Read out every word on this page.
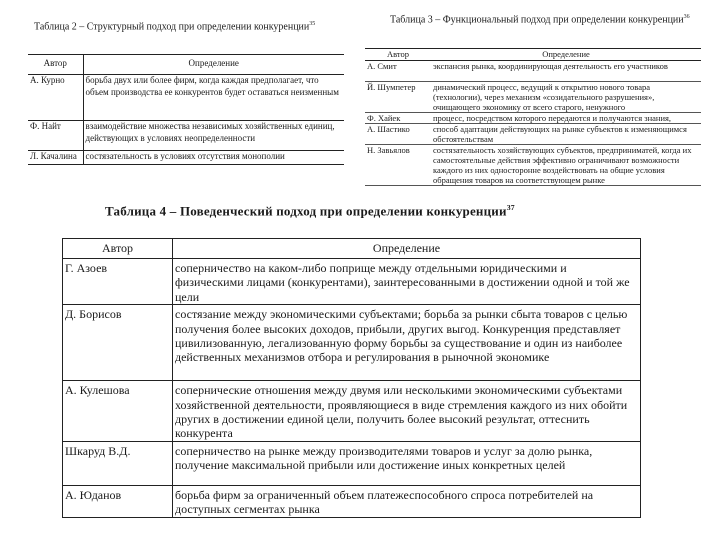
Таблица 2 – Структурный подход при определении конкуренции$^{35}$
Автор	Определение
А. Курно	борьба двух или более фирм, когда каждая предполагает, что объем производства ее конкурентов будет оставаться неизменным
Ф. Найт	взаимодействие множества независимых хозяйственных единиц, действующих в условиях неопределенности
Л. Качалина	состязательность в условиях отсутствия монополии
Таблица 3 – Функциональный подход при определении конкуренции$^{36}$
Автор	Определение
А. Смит	экспансия рынка, координирующая деятельность его участников
Й. Шумпетер	динамический процесс, ведущий к открытию нового товара (технологии), через механизм «созидательного разрушения», очищающего экономику от всего старого, ненужного
Ф. Хайек	процесс, посредством которого передаются и получаются знания,
А. Шастико	способ адаптации действующих на рынке субъектов к изменяющимся обстоятельствам
Н. Завьялов	состязательность хозяйствующих субъектов, предприниматей, когда их самостоятельные действия эффективно ограничивают возможности каждого из них односторонне воздействовать на общие условия обращения товаров на соответствующем рынке
Таблица 4 – Поведенческий подход при определении конкуренции$^{37}$
Автор	Определение
Г. Азоев	соперничество на каком-либо поприще между отдельными юридическими и физическими лицами (конкурентами), заинтересованными в достижении одной и той же цели
Д. Борисов	состязание между экономическими субъектами; борьба за рынки сбыта товаров с целью получения более высоких доходов, прибыли, других выгод. Конкуренция представляет цивилизованную, легализованную форму борьбы за существование и один из наиболее действенных механизмов отбора и регулирования в рыночной экономике
А. Кулешова	сопернические отношения между двумя или несколькими экономическими субъектами хозяйственной деятельности, проявляющиеся в виде стремления каждого из них обойти других в достижении единой цели, получить более высокий результат, оттеснить конкурента
Шкаруд В.Д.	соперничество на рынке между производителями товаров и услуг за долю рынка, получение максимальной прибыли или достижение иных конкретных целей
А. Юданов	борьба фирм за ограниченный объем платежеспособного спроса потребителей на доступных сегментах рынка
